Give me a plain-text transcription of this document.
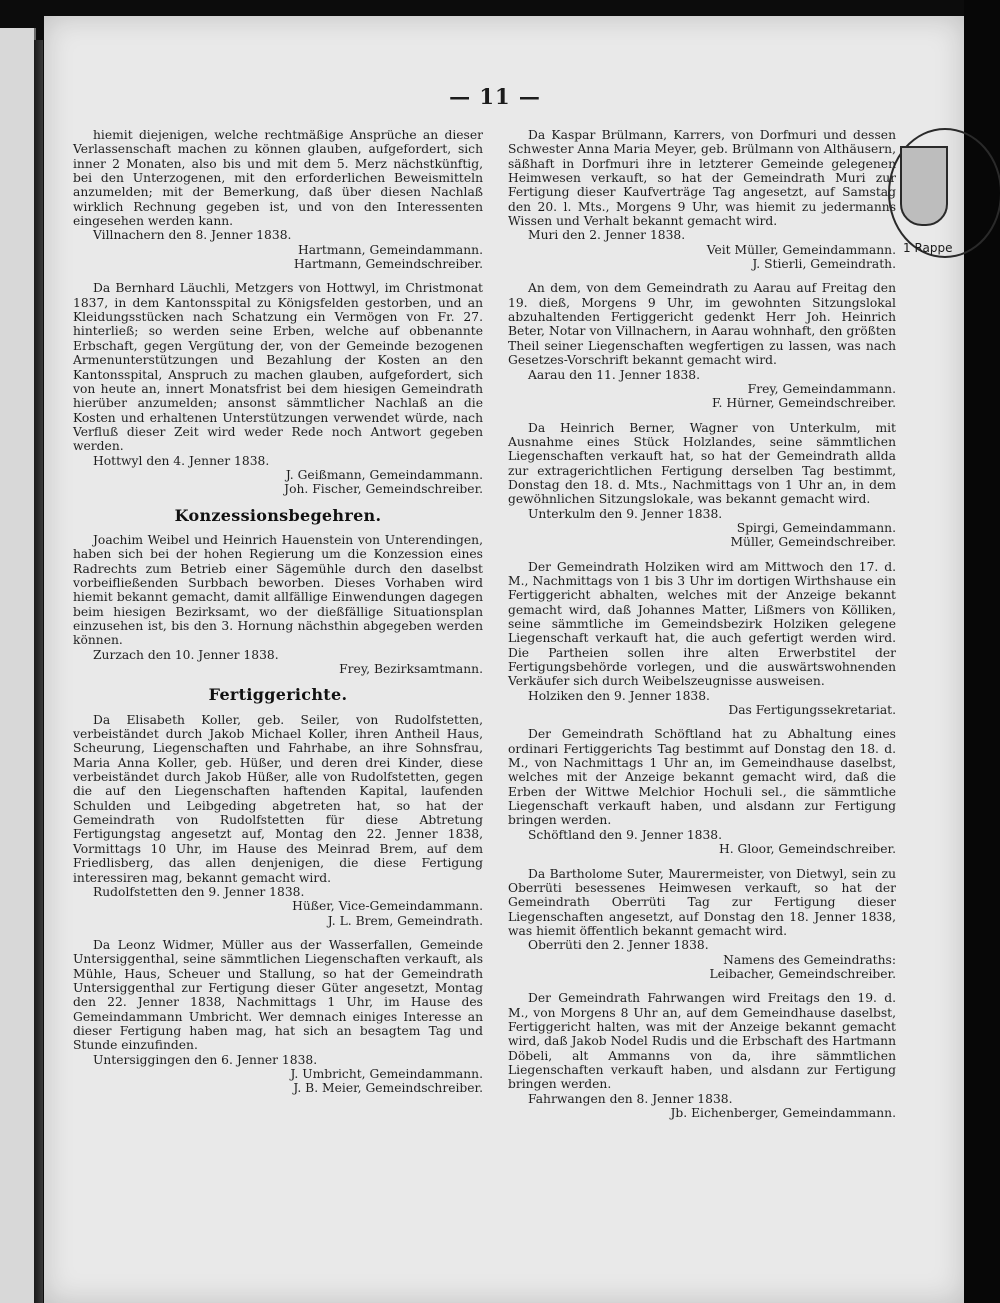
— 11 —

hiemit diejenigen, welche rechtmäßige Ansprüche an dieser Verlassenschaft machen zu können glauben, aufgefordert, sich inner 2 Monaten, also bis und mit dem 5. Merz nächstkünftig, bei den Unterzogenen, mit den erforderlichen Beweismitteln anzumelden; mit der Bemerkung, daß über diesen Nachlaß wirklich Rechnung gegeben ist, und von den Interessenten eingesehen werden kann.

Villnachern den 8. Jenner 1838.
Hartmann, Gemeindammann.
Hartmann, Gemeindschreiber.

Da Bernhard Läuchli, Metzgers von Hottwyl, im Christmonat 1837, in dem Kantonsspital zu Königsfelden gestorben, und an Kleidungsstücken nach Schatzung ein Vermögen von Fr. 27. hinterließ; so werden seine Erben, welche auf obbenannte Erbschaft, gegen Vergütung der, von der Gemeinde bezogenen Armenunterstützungen und Bezahlung der Kosten an den Kantonsspital, Anspruch zu machen glauben, aufgefordert, sich von heute an, innert Monatsfrist bei dem hiesigen Gemeindrath hierüber anzumelden; ansonst sämmtlicher Nachlaß an die Kosten und erhaltenen Unterstützungen verwendet würde, nach Verfluß dieser Zeit wird weder Rede noch Antwort gegeben werden.

Hottwyl den 4. Jenner 1838.
J. Geißmann, Gemeindammann.
Joh. Fischer, Gemeindschreiber.
Konzessionsbegehren.

Joachim Weibel und Heinrich Hauenstein von Unterendingen, haben sich bei der hohen Regierung um die Konzession eines Radrechts zum Betrieb einer Sägemühle durch den daselbst vorbeifließenden Surbbach beworben. Dieses Vorhaben wird hiemit bekannt gemacht, damit allfällige Einwendungen dagegen beim hiesigen Bezirksamt, wo der dießfällige Situationsplan einzusehen ist, bis den 3. Hornung nächsthin abgegeben werden können.

Zurzach den 10. Jenner 1838.
Frey, Bezirksamtmann.
Fertiggerichte.

Da Elisabeth Koller, geb. Seiler, von Rudolfstetten, verbeiständet durch Jakob Michael Koller, ihren Antheil Haus, Scheurung, Liegenschaften und Fahrhabe, an ihre Sohnsfrau, Maria Anna Koller, geb. Hüßer, und deren drei Kinder, diese verbeiständet durch Jakob Hüßer, alle von Rudolfstetten, gegen die auf den Liegenschaften haftenden Kapital, laufenden Schulden und Leibgeding abgetreten hat, so hat der Gemeindrath von Rudolfstetten für diese Abtretung Fertigungstag angesetzt auf, Montag den 22. Jenner 1838, Vormittags 10 Uhr, im Hause des Meinrad Brem, auf dem Friedlisberg, das allen denjenigen, die diese Fertigung interessiren mag, bekannt gemacht wird.

Rudolfstetten den 9. Jenner 1838.
Hüßer, Vice-Gemeindammann.
J. L. Brem, Gemeindrath.

Da Leonz Widmer, Müller aus der Wasserfallen, Gemeinde Untersiggenthal, seine sämmtlichen Liegenschaften verkauft, als Mühle, Haus, Scheuer und Stallung, so hat der Gemeindrath Untersiggenthal zur Fertigung dieser Güter angesetzt, Montag den 22. Jenner 1838, Nachmittags 1 Uhr, im Hause des Gemeindammann Umbricht. Wer demnach einiges Interesse an dieser Fertigung haben mag, hat sich an besagtem Tag und Stunde einzufinden.

Untersiggingen den 6. Jenner 1838.
J. Umbricht, Gemeindammann.
J. B. Meier, Gemeindschreiber.

Da Kaspar Brülmann, Karrers, von Dorfmuri und dessen Schwester Anna Maria Meyer, geb. Brülmann von Althäusern, säßhaft in Dorfmuri ihre in letzterer Gemeinde gelegenen Heimwesen verkauft, so hat der Gemeindrath Muri zur Fertigung dieser Kaufverträge Tag angesetzt, auf Samstag den 20. l. Mts., Morgens 9 Uhr, was hiemit zu jedermanns Wissen und Verhalt bekannt gemacht wird.

Muri den 2. Jenner 1838.
Veit Müller, Gemeindammann.
J. Stierli, Gemeindrath.

An dem, von dem Gemeindrath zu Aarau auf Freitag den 19. dieß, Morgens 9 Uhr, im gewohnten Sitzungslokal abzuhaltenden Fertiggericht gedenkt Herr Joh. Heinrich Beter, Notar von Villnachern, in Aarau wohnhaft, den größten Theil seiner Liegenschaften wegfertigen zu lassen, was nach Gesetzes-Vorschrift bekannt gemacht wird.

Aarau den 11. Jenner 1838.
Frey, Gemeindammann.
F. Hürner, Gemeindschreiber.

Da Heinrich Berner, Wagner von Unterkulm, mit Ausnahme eines Stück Holzlandes, seine sämmtlichen Liegenschaften verkauft hat, so hat der Gemeindrath allda zur extragerichtlichen Fertigung derselben Tag bestimmt, Donstag den 18. d. Mts., Nachmittags von 1 Uhr an, in dem gewöhnlichen Sitzungslokale, was bekannt gemacht wird.

Unterkulm den 9. Jenner 1838.
Spirgi, Gemeindammann.
Müller, Gemeindschreiber.

Der Gemeindrath Holziken wird am Mittwoch den 17. d. M., Nachmittags von 1 bis 3 Uhr im dortigen Wirthshause ein Fertiggericht abhalten, welches mit der Anzeige bekannt gemacht wird, daß Johannes Matter, Lißmers von Kölliken, seine sämmtliche im Gemeindsbezirk Holziken gelegene Liegenschaft verkauft hat, die auch gefertigt werden wird. Die Partheien sollen ihre alten Erwerbstitel der Fertigungsbehörde vorlegen, und die auswärtswohnenden Verkäufer sich durch Weibelszeugnisse ausweisen.

Holziken den 9. Jenner 1838.
Das Fertigungssekretariat.

Der Gemeindrath Schöftland hat zu Abhaltung eines ordinari Fertiggerichts Tag bestimmt auf Donstag den 18. d. M., von Nachmittags 1 Uhr an, im Gemeindhause daselbst, welches mit der Anzeige bekannt gemacht wird, daß die Erben der Wittwe Melchior Hochuli sel., die sämmtliche Liegenschaft verkauft haben, und alsdann zur Fertigung bringen werden.

Schöftland den 9. Jenner 1838.
H. Gloor, Gemeindschreiber.

Da Bartholome Suter, Maurermeister, von Dietwyl, sein zu Oberrüti besessenes Heimwesen verkauft, so hat der Gemeindrath Oberrüti Tag zur Fertigung dieser Liegenschaften angesetzt, auf Donstag den 18. Jenner 1838, was hiemit öffentlich bekannt gemacht wird.

Oberrüti den 2. Jenner 1838.
Namens des Gemeindraths:
Leibacher, Gemeindschreiber.

Der Gemeindrath Fahrwangen wird Freitags den 19. d. M., von Morgens 8 Uhr an, auf dem Gemeindhause daselbst, Fertiggericht halten, was mit der Anzeige bekannt gemacht wird, daß Jakob Nodel Rudis und die Erbschaft des Hartmann Döbeli, alt Ammanns von da, ihre sämmtlichen Liegenschaften verkauft haben, und alsdann zur Fertigung bringen werden.

Fahrwangen den 8. Jenner 1838.
Jb. Eichenberger, Gemeindammann.
1 Rappe
